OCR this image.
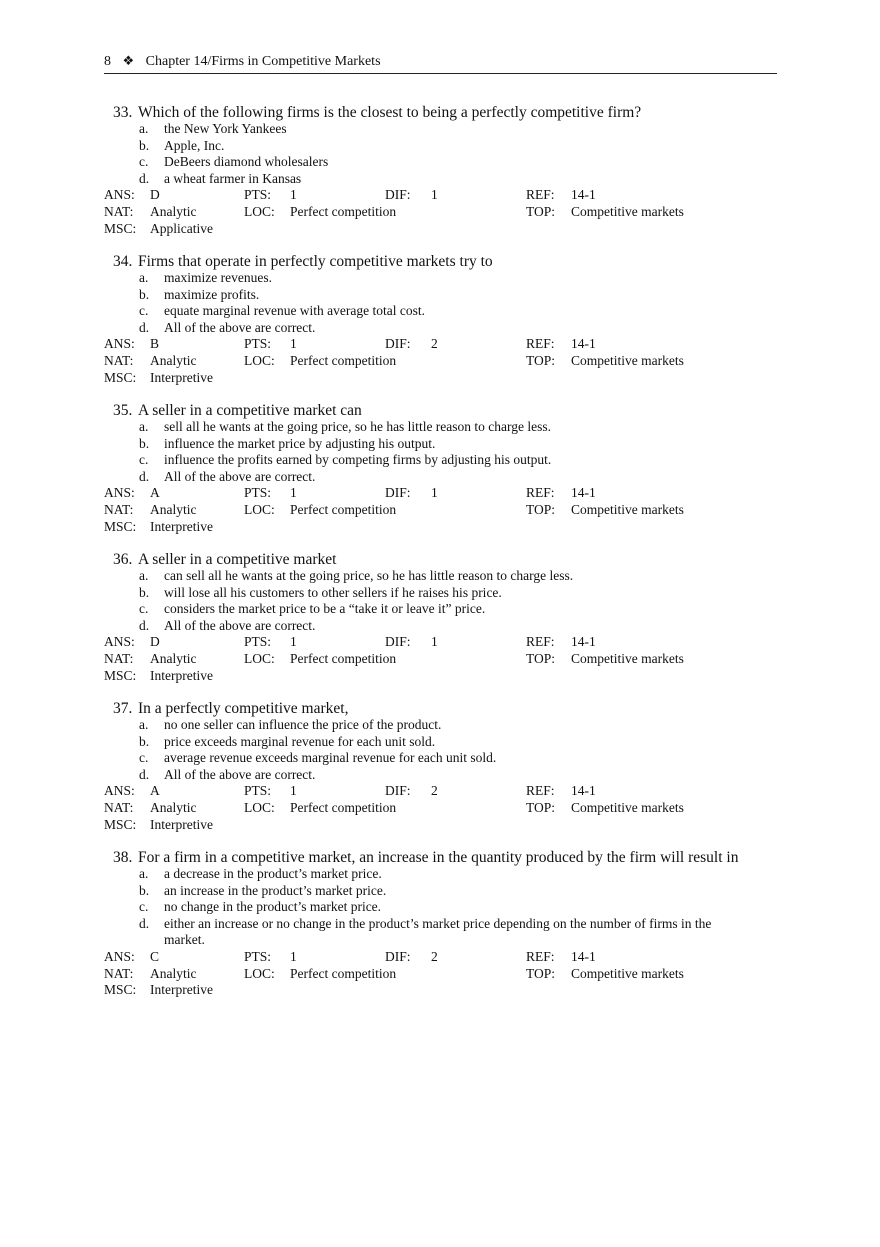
8 ❖ Chapter 14/Firms in Competitive Markets
33. Which of the following firms is the closest to being a perfectly competitive firm?
a. the New York Yankees
b. Apple, Inc.
c. DeBeers diamond wholesalers
d. a wheat farmer in Kansas
ANS: D	PTS: 1	DIF: 1	REF: 14-1
NAT: Analytic	LOC: Perfect competition	TOP: Competitive markets
MSC: Applicative
34. Firms that operate in perfectly competitive markets try to
a. maximize revenues.
b. maximize profits.
c. equate marginal revenue with average total cost.
d. All of the above are correct.
ANS: B	PTS: 1	DIF: 2	REF: 14-1
NAT: Analytic	LOC: Perfect competition	TOP: Competitive markets
MSC: Interpretive
35. A seller in a competitive market can
a. sell all he wants at the going price, so he has little reason to charge less.
b. influence the market price by adjusting his output.
c. influence the profits earned by competing firms by adjusting his output.
d. All of the above are correct.
ANS: A	PTS: 1	DIF: 1	REF: 14-1
NAT: Analytic	LOC: Perfect competition	TOP: Competitive markets
MSC: Interpretive
36. A seller in a competitive market
a. can sell all he wants at the going price, so he has little reason to charge less.
b. will lose all his customers to other sellers if he raises his price.
c. considers the market price to be a “take it or leave it” price.
d. All of the above are correct.
ANS: D	PTS: 1	DIF: 1	REF: 14-1
NAT: Analytic	LOC: Perfect competition	TOP: Competitive markets
MSC: Interpretive
37. In a perfectly competitive market,
a. no one seller can influence the price of the product.
b. price exceeds marginal revenue for each unit sold.
c. average revenue exceeds marginal revenue for each unit sold.
d. All of the above are correct.
ANS: A	PTS: 1	DIF: 2	REF: 14-1
NAT: Analytic	LOC: Perfect competition	TOP: Competitive markets
MSC: Interpretive
38. For a firm in a competitive market, an increase in the quantity produced by the firm will result in
a. a decrease in the product’s market price.
b. an increase in the product’s market price.
c. no change in the product’s market price.
d. either an increase or no change in the product’s market price depending on the number of firms in the market.
ANS: C	PTS: 1	DIF: 2	REF: 14-1
NAT: Analytic	LOC: Perfect competition	TOP: Competitive markets
MSC: Interpretive
